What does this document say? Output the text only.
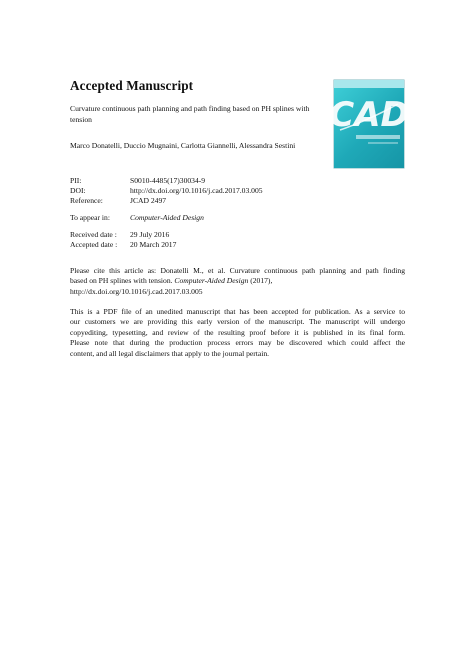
Accepted Manuscript
Curvature continuous path planning and path finding based on PH splines with tension
Marco Donatelli, Duccio Mugnaini, Carlotta Giannelli, Alessandra Sestini
CAD
PII:	S0010-4485(17)30034-9
DOI:	http://dx.doi.org/10.1016/j.cad.2017.03.005
Reference:	JCAD 2497
To appear in:	Computer-Aided Design
Received date : 29 July 2016
Accepted date : 20 March 2017
Please cite this article as: Donatelli M., et al. Curvature continuous path planning and path finding
based on PH splines with tension. Computer-Aided Design (2017),
http://dx.doi.org/10.1016/j.cad.2017.03.005
This is a PDF file of an unedited manuscript that has been accepted for publication. As a service to
our customers we are providing this early version of the manuscript. The manuscript will undergo
copyediting, typesetting, and review of the resulting proof before it is published in its final form.
Please note that during the production process errors may be discovered which could affect the
content, and all legal disclaimers that apply to the journal pertain.
